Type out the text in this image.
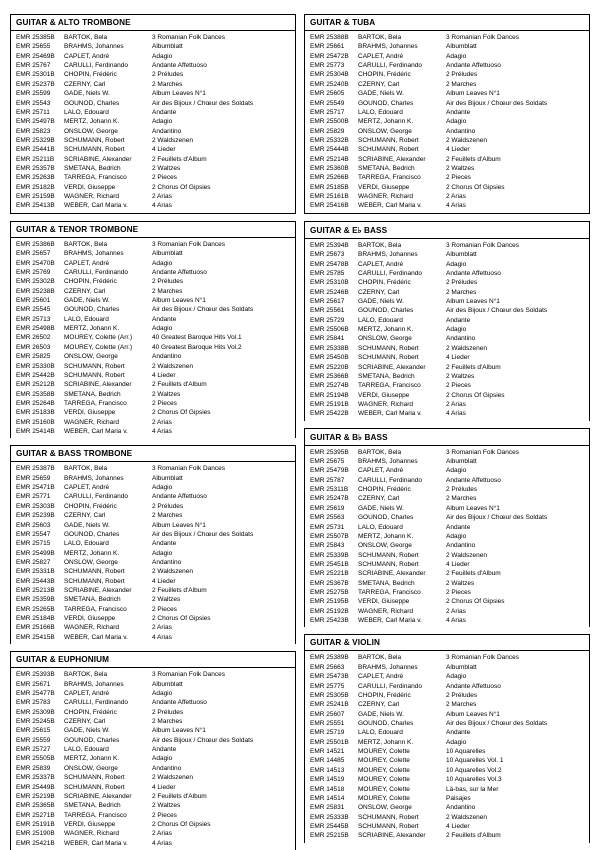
GUITAR & ALTO TROMBONE
EMR 25385B	BARTOK, Bela	3 Romanian Folk Dances
EMR 25655	BRAHMS, Johannes	Albumblatt
EMR 25469B	CAPLET, André	Adagio
EMR 25767	CARULLI, Ferdinando	Andante Affettuoso
EMR 25301B	CHOPIN, Frédéric	2 Préludes
EMR 25237B	CZERNY, Carl	2 Marches
EMR 25599	GADE, Niels W.	Album Leaves N°1
EMR 25543	GOUNOD, Charles	Air des Bijoux / Chœur des Soldats
EMR 25711	LALO, Edouard	Andante
EMR 25497B	MERTZ, Johann K.	Adagio
EMR 25823	ONSLOW, George	Andantino
EMR 25329B	SCHUMANN, Robert	2 Waldszenen
EMR 25441B	SCHUMANN, Robert	4 Lieder
EMR 25211B	SCRIABINE, Alexander	2 Feuillets d'Album
EMR 25357B	SMETANA, Bedrich	2 Waltzes
EMR 25263B	TARREGA, Francisco	2 Pieces
EMR 25182B	VERDI, Giuseppe	2 Chorus Of Gipsies
EMR 25159B	WAGNER, Richard	2 Arias
EMR 25413B	WEBER, Carl Maria v.	4 Arias
GUITAR & TENOR TROMBONE
EMR 25386B	BARTOK, Bela	3 Romanian Folk Dances
EMR 25657	BRAHMS, Johannes	Albumblatt
EMR 25470B	CAPLET, André	Adagio
EMR 25769	CARULLI, Ferdinando	Andante Affettuoso
EMR 25302B	CHOPIN, Frédéric	2 Préludes
EMR 25238B	CZERNY, Carl	2 Marches
EMR 25601	GADE, Niels W.	Album Leaves N°1
EMR 25545	GOUNOD, Charles	Air des Bijoux / Chœur des Soldats
EMR 25713	LALO, Edouard	Andante
EMR 25498B	MERTZ, Johann K.	Adagio
EMR 26502	MOUREY, Colette (Arr.)	40 Greatest Baroque Hits Vol.1
EMR 26503	MOUREY, Colette (Arr.)	40 Greatest Baroque Hits Vol.2
EMR 25825	ONSLOW, George	Andantino
EMR 25330B	SCHUMANN, Robert	2 Waldszenen
EMR 25442B	SCHUMANN, Robert	4 Lieder
EMR 25212B	SCRIABINE, Alexander	2 Feuillets d'Album
EMR 25358B	SMETANA, Bedrich	2 Waltzes
EMR 25264B	TARREGA, Francisco	2 Pieces
EMR 25183B	VERDI, Giuseppe	2 Chorus Of Gipsies
EMR 25160B	WAGNER, Richard	2 Arias
EMR 25414B	WEBER, Carl Maria v.	4 Arias
GUITAR & BASS TROMBONE
EMR 25387B	BARTOK, Bela	3 Romanian Folk Dances
EMR 25659	BRAHMS, Johannes	Albumblatt
EMR 25471B	CAPLET, André	Adagio
EMR 25771	CARULLI, Ferdinando	Andante Affettuoso
EMR 25303B	CHOPIN, Frédéric	2 Préludes
EMR 25239B	CZERNY, Carl	2 Marches
EMR 25603	GADE, Niels W.	Album Leaves N°1
EMR 25547	GOUNOD, Charles	Air des Bijoux / Chœur des Soldats
EMR 25715	LALO, Edouard	Andante
EMR 25499B	MERTZ, Johann K.	Adagio
EMR 25827	ONSLOW, George	Andantino
EMR 25331B	SCHUMANN, Robert	2 Waldszenen
EMR 25443B	SCHUMANN, Robert	4 Lieder
EMR 25213B	SCRIABINE, Alexander	2 Feuillets d'Album
EMR 25359B	SMETANA, Bedrich	2 Waltzes
EMR 25265B	TARREGA, Francisco	2 Pieces
EMR 25184B	VERDI, Giuseppe	2 Chorus Of Gipsies
EMR 25166B	WAGNER, Richard	2 Arias
EMR 25415B	WEBER, Carl Maria v.	4 Arias
GUITAR & EUPHONIUM
EMR 25393B	BARTOK, Bela	3 Romanian Folk Dances
EMR 25671	BRAHMS, Johannes	Albumblatt
EMR 25477B	CAPLET, André	Adagio
EMR 25783	CARULLI, Ferdinando	Andante Affettuoso
EMR 25309B	CHOPIN, Frédéric	2 Préludes
EMR 25245B	CZERNY, Carl	2 Marches
EMR 25615	GADE, Niels W.	Album Leaves N°1
EMR 25559	GOUNOD, Charles	Air des Bijoux / Chœur des Soldats
EMR 25727	LALO, Edouard	Andante
EMR 25505B	MERTZ, Johann K.	Adagio
EMR 25839	ONSLOW, George	Andantino
EMR 25337B	SCHUMANN, Robert	2 Waldszenen
EMR 25449B	SCHUMANN, Robert	4 Lieder
EMR 25219B	SCRIABINE, Alexander	2 Feuillets d'Album
EMR 25365B	SMETANA, Bedrich	2 Waltzes
EMR 25271B	TARREGA, Francisco	2 Pieces
EMR 25191B	VERDI, Giuseppe	2 Chorus Of Gipsies
EMR 25190B	WAGNER, Richard	2 Arias
EMR 25421B	WEBER, Carl Maria v.	4 Arias
GUITAR & TUBA
EMR 25388B	BARTOK, Bela	3 Romanian Folk Dances
EMR 25661	BRAHMS, Johannes	Albumblatt
EMR 25472B	CAPLET, André	Adagio
EMR 25773	CARULLI, Ferdinando	Andante Affettuoso
EMR 25304B	CHOPIN, Frédéric	2 Préludes
EMR 25240B	CZERNY, Carl	2 Marches
EMR 25605	GADE, Niels W.	Album Leaves N°1
EMR 25549	GOUNOD, Charles	Air des Bijoux / Chœur des Soldats
EMR 25717	LALO, Edouard	Andante
EMR 25500B	MERTZ, Johann K.	Adagio
EMR 25829	ONSLOW, George	Andantino
EMR 25332B	SCHUMANN, Robert	2 Waldszenen
EMR 25444B	SCHUMANN, Robert	4 Lieder
EMR 25214B	SCRIABINE, Alexander	2 Feuillets d'Album
EMR 25360B	SMETANA, Bedrich	2 Waltzes
EMR 25266B	TARREGA, Francisco	2 Pieces
EMR 25185B	VERDI, Giuseppe	2 Chorus Of Gipsies
EMR 25161B	WAGNER, Richard	2 Arias
EMR 25416B	WEBER, Carl Maria v.	4 Arias
GUITAR & E♭ BASS
EMR 25394B	BARTOK, Bela	3 Romanian Folk Dances
EMR 25673	BRAHMS, Johannes	Albumblatt
EMR 25478B	CAPLET, André	Adagio
EMR 25785	CARULLI, Ferdinando	Andante Affettuoso
EMR 25310B	CHOPIN, Frédéric	2 Préludes
EMR 25246B	CZERNY, Carl	2 Marches
EMR 25617	GADE, Niels W.	Album Leaves N°1
EMR 25561	GOUNOD, Charles	Air des Bijoux / Chœur des Soldats
EMR 25729	LALO, Edouard	Andante
EMR 25506B	MERTZ, Johann K.	Adagio
EMR 25841	ONSLOW, George	Andantino
EMR 25338B	SCHUMANN, Robert	2 Waldszenen
EMR 25450B	SCHUMANN, Robert	4 Lieder
EMR 25220B	SCRIABINE, Alexander	2 Feuillets d'Album
EMR 25366B	SMETANA, Bedrich	2 Waltzes
EMR 25274B	TARREGA, Francisco	2 Pieces
EMR 25194B	VERDI, Giuseppe	2 Chorus Of Gipsies
EMR 25191B	WAGNER, Richard	2 Arias
EMR 25422B	WEBER, Carl Maria v.	4 Arias
GUITAR & B♭ BASS
EMR 25395B	BARTOK, Bela	3 Romanian Folk Dances
EMR 25675	BRAHMS, Johannes	Albumblatt
EMR 25479B	CAPLET, André	Adagio
EMR 25787	CARULLI, Ferdinando	Andante Affettuoso
EMR 25311B	CHOPIN, Frédéric	2 Préludes
EMR 25247B	CZERNY, Carl	2 Marches
EMR 25619	GADE, Niels W.	Album Leaves N°1
EMR 25563	GOUNOD, Charles	Air des Bijoux / Chœur des Soldats
EMR 25731	LALO, Edouard	Andante
EMR 25507B	MERTZ, Johann K.	Adagio
EMR 25843	ONSLOW, George	Andantino
EMR 25339B	SCHUMANN, Robert	2 Waldszenen
EMR 25451B	SCHUMANN, Robert	4 Lieder
EMR 25221B	SCRIABINE, Alexander	2 Feuillets d'Album
EMR 25367B	SMETANA, Bedrich	2 Waltzes
EMR 25275B	TARREGA, Francisco	2 Pieces
EMR 25195B	VERDI, Giuseppe	2 Chorus Of Gipsies
EMR 25192B	WAGNER, Richard	2 Arias
EMR 25423B	WEBER, Carl Maria v.	4 Arias
GUITAR & VIOLIN
EMR 25389B	BARTOK, Bela	3 Romanian Folk Dances
EMR 25663	BRAHMS, Johannes	Albumblatt
EMR 25473B	CAPLET, André	Adagio
EMR 25775	CARULLI, Ferdinando	Andante Affettuoso
EMR 25305B	CHOPIN, Frédéric	2 Préludes
EMR 25241B	CZERNY, Carl	2 Marches
EMR 25607	GADE, Niels W.	Album Leaves N°1
EMR 25551	GOUNOD, Charles	Air des Bijoux / Chœur des Soldats
EMR 25719	LALO, Edouard	Andante
EMR 25501B	MERTZ, Johann K.	Adagio
EMR 14521	MOUREY, Colette	10 Aquarelles
EMR 14485	MOUREY, Colette	10 Aquarelles Vol. 1
EMR 14513	MOUREY, Colette	10 Aquarelles Vol.2
EMR 14519	MOUREY, Colette	10 Aquarelles Vol.3
EMR 14518	MOUREY, Colette	Là-bas, sur la Mer
EMR 14514	MOUREY, Colette	Paisajes
EMR 25831	ONSLOW, George	Andantino
EMR 25333B	SCHUMANN, Robert	2 Waldszenen
EMR 25445B	SCHUMANN, Robert	4 Lieder
EMR 25215B	SCRIABINE, Alexander	2 Feuillets d'Album
